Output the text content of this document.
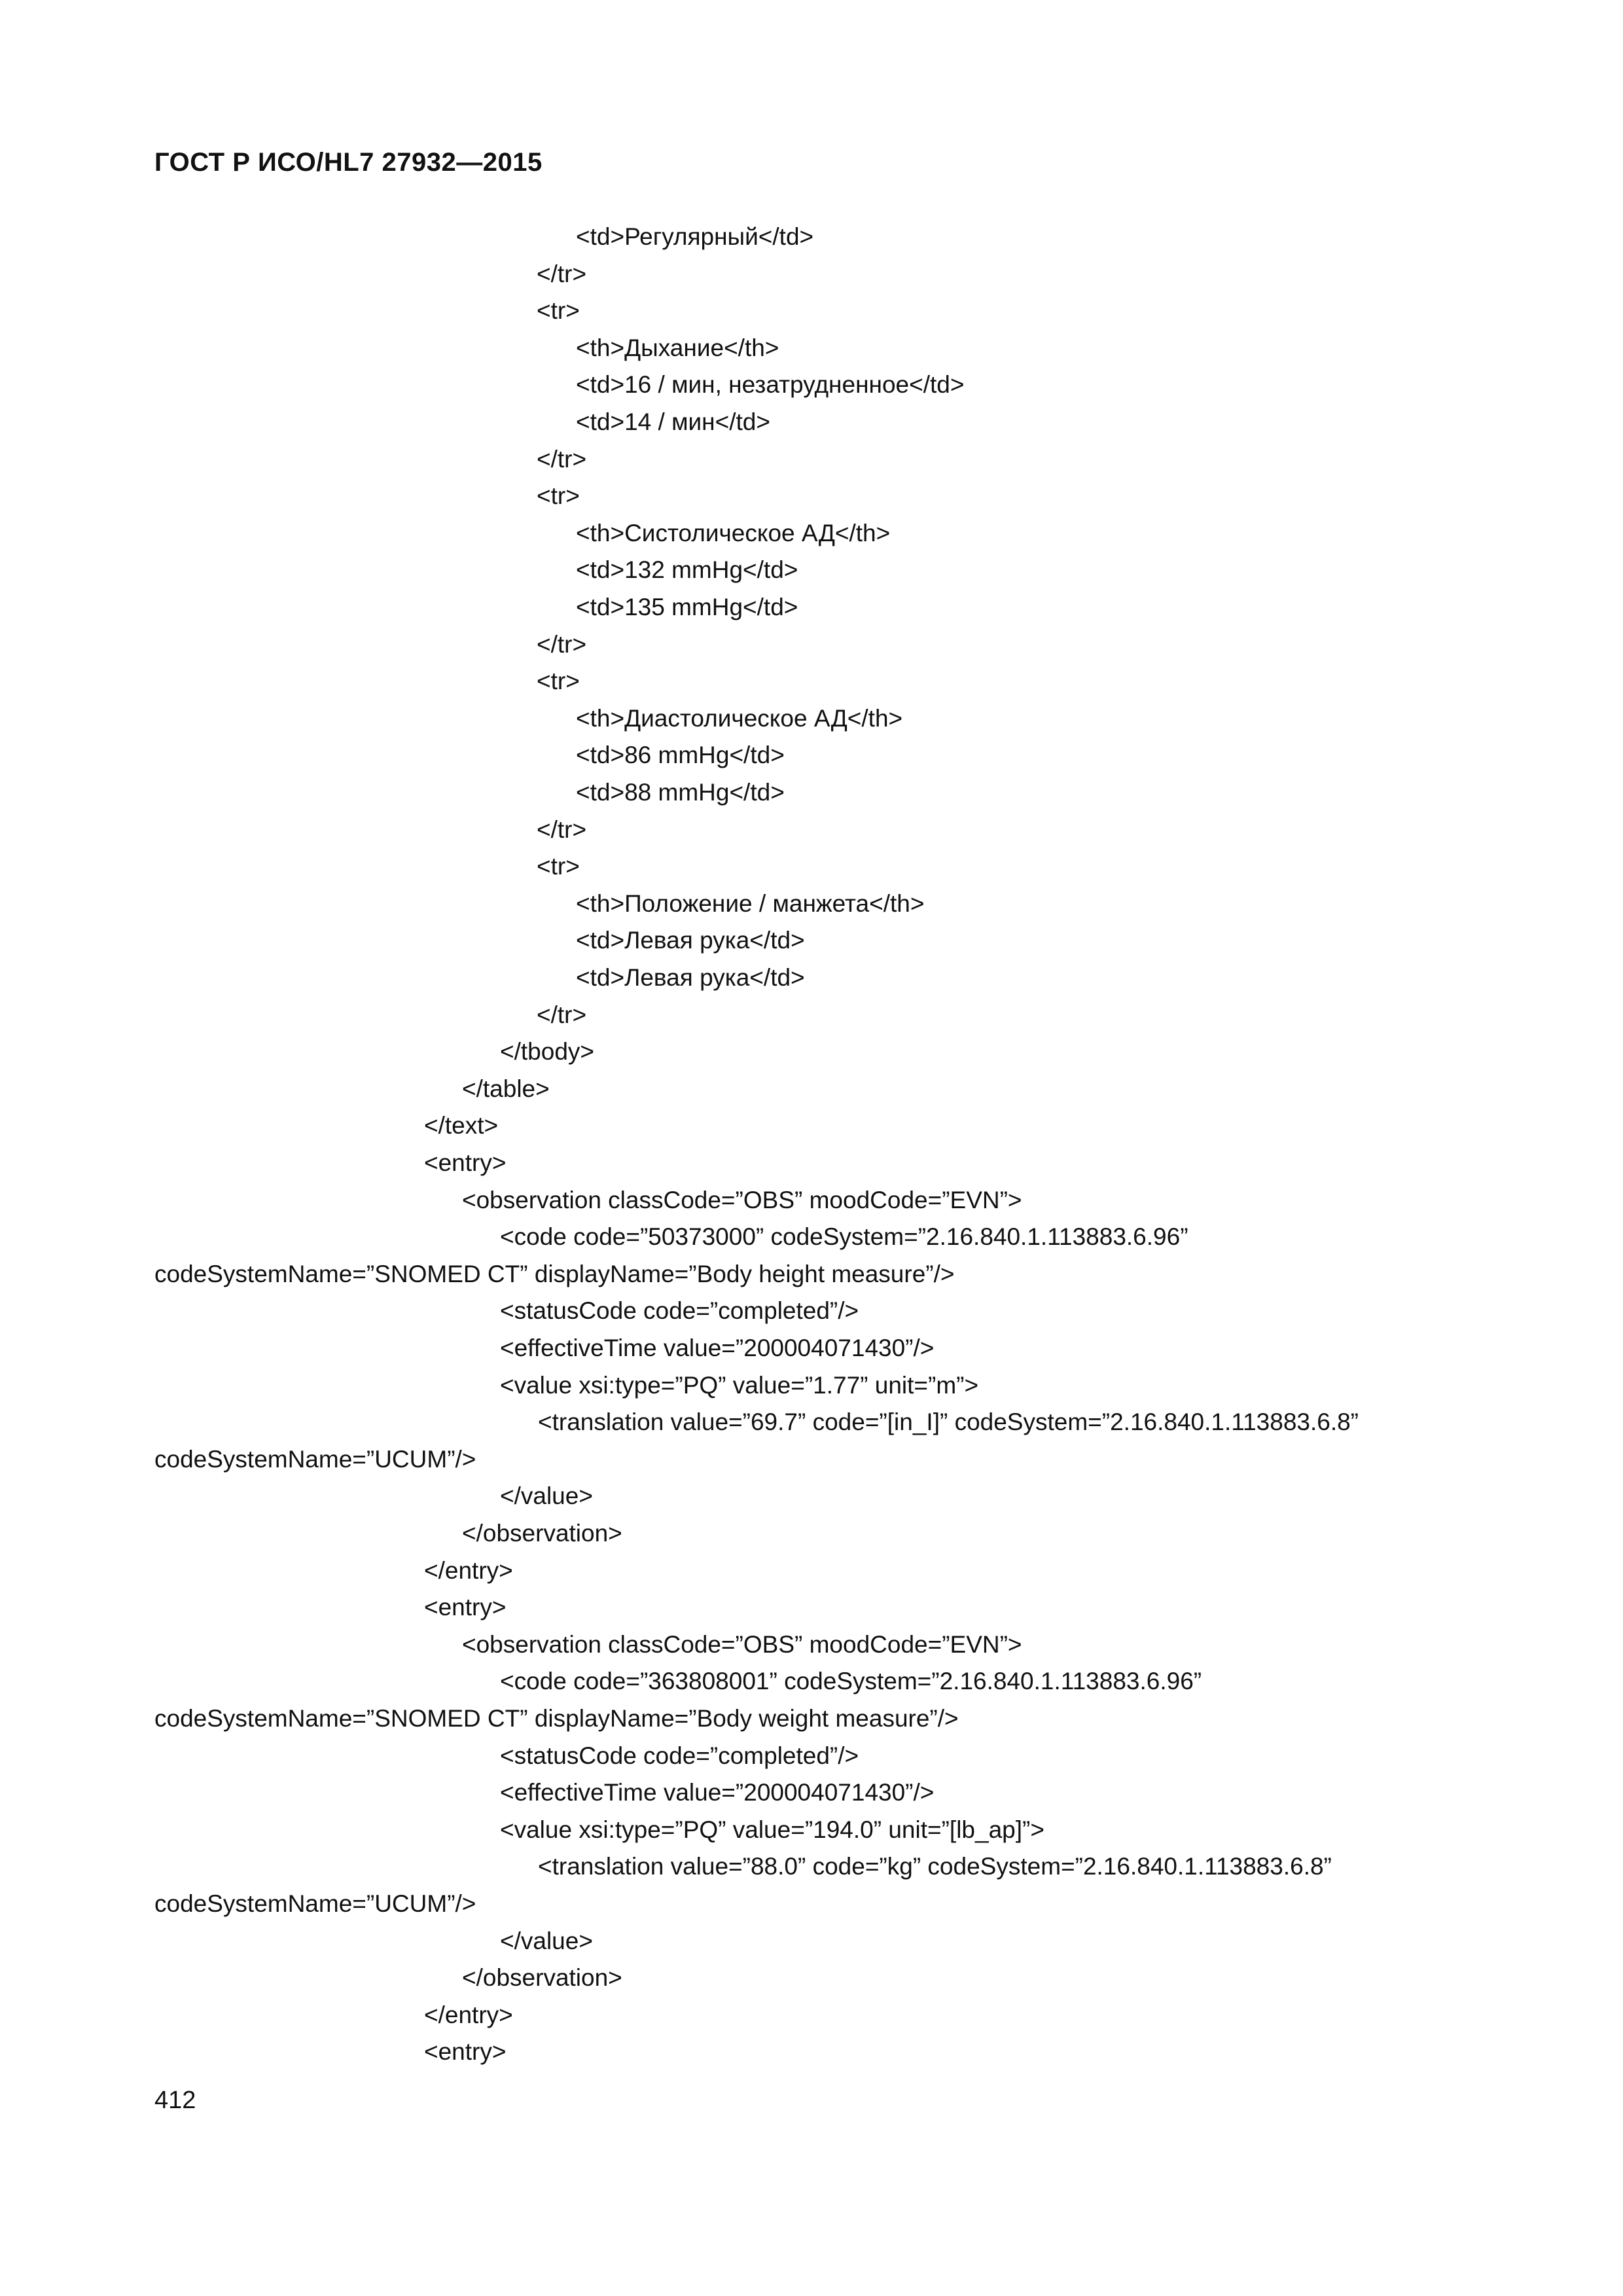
ГОСТ Р ИСО/HL7 27932—2015
<td>Регулярный</td>
</tr>
<tr>
<th>Дыхание</th>
<td>16 / мин, незатрудненное</td>
<td>14 / мин</td>
</tr>
<tr>
<th>Систолическое АД</th>
<td>132 mmHg</td>
<td>135 mmHg</td>
</tr>
<tr>
<th>Диастолическое АД</th>
<td>86 mmHg</td>
<td>88 mmHg</td>
</tr>
<tr>
<th>Положение / манжета</th>
<td>Левая рука</td>
<td>Левая рука</td>
</tr>
</tbody>
</table>
</text>
<entry>
<observation classCode=”OBS” moodCode=”EVN”>
<code code=”50373000” codeSystem=”2.16.840.1.113883.6.96”
codeSystemName=”SNOMED CT” displayName=”Body height measure”/>
<statusCode code=”completed”/>
<effectiveTime value=”200004071430”/>
<value xsi:type=”PQ” value=”1.77” unit=”m”>
<translation value=”69.7” code=”[in_I]” codeSystem=”2.16.840.1.113883.6.8”
codeSystemName=”UCUM”/>
</value>
</observation>
</entry>
<entry>
<observation classCode=”OBS” moodCode=”EVN”>
<code code=”363808001” codeSystem=”2.16.840.1.113883.6.96”
codeSystemName=”SNOMED CT” displayName=”Body weight measure”/>
<statusCode code=”completed”/>
<effectiveTime value=”200004071430”/>
<value xsi:type=”PQ” value=”194.0” unit=”[lb_ap]”>
<translation value=”88.0” code=”kg” codeSystem=”2.16.840.1.113883.6.8”
codeSystemName=”UCUM”/>
</value>
</observation>
</entry>
<entry>
412
